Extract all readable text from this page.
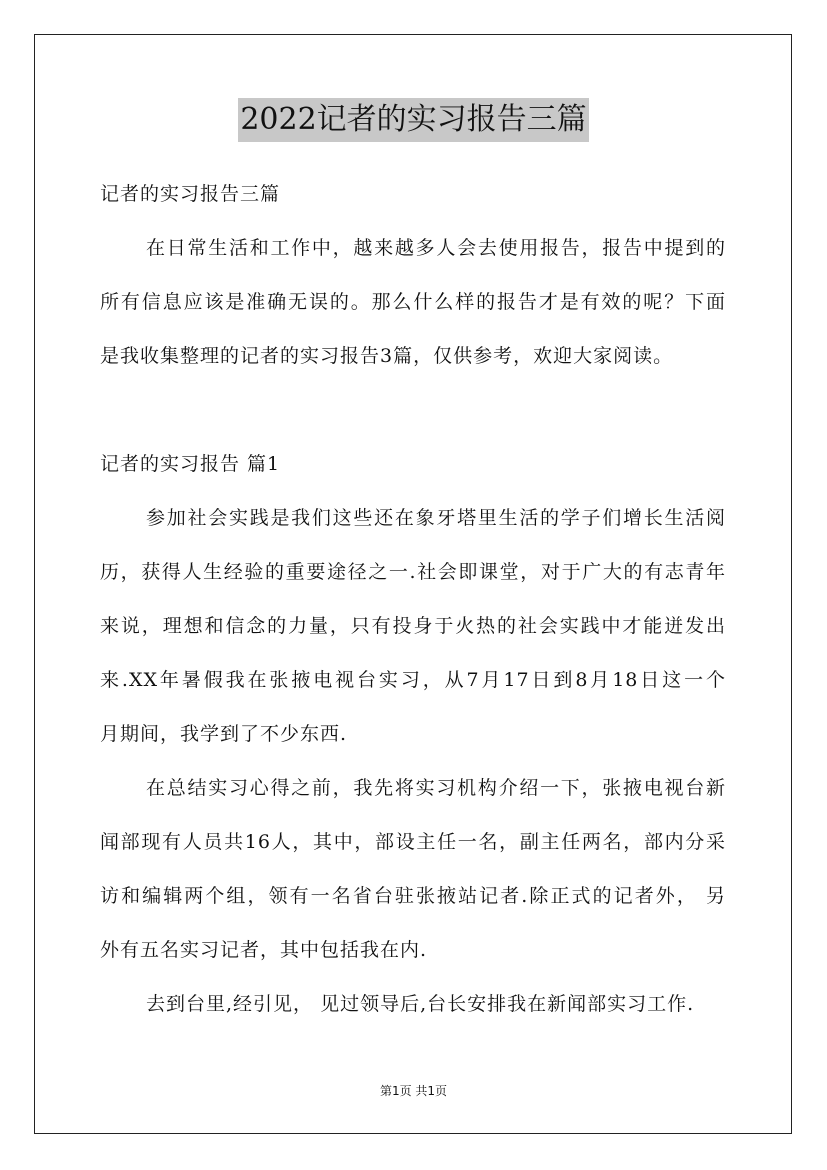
2022记者的实习报告三篇
记者的实习报告三篇
在日常生活和工作中，越来越多人会去使用报告，报告中提到的
所有信息应该是准确无误的。那么什么样的报告才是有效的呢？下面
是我收集整理的记者的实习报告3篇，仅供参考，欢迎大家阅读。
记者的实习报告 篇1
参加社会实践是我们这些还在象牙塔里生活的学子们增长生活阅
历，获得人生经验的重要途径之一.社会即课堂，对于广大的有志青年
来说，理想和信念的力量，只有投身于火热的社会实践中才能迸发出
来.XX年暑假我在张掖电视台实习，从7月17日到8月18日这一个
月期间，我学到了不少东西.
在总结实习心得之前，我先将实习机构介绍一下，张掖电视台新
闻部现有人员共16人，其中，部设主任一名，副主任两名，部内分采
访和编辑两个组，领有一名省台驻张掖站记者.除正式的记者外， 另
外有五名实习记者，其中包括我在内.
去到台里,经引见， 见过领导后,台长安排我在新闻部实习工作.
第1页 共1页
